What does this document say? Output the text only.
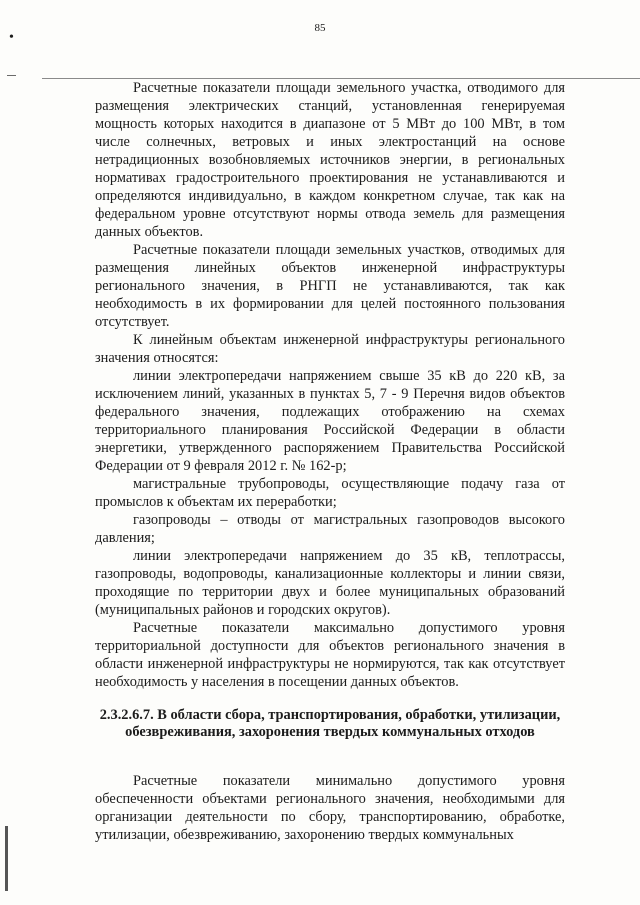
85
•

Расчетные показатели площади земельного участка, отводимого для размещения электрических станций, установленная генерируемая мощность которых находится в диапазоне от 5 МВт до 100 МВт, в том числе солнечных, ветровых и иных электростанций на основе нетрадиционных возобновляемых источников энергии, в региональных нормативах градостроительного проектирования не устанавливаются и определяются индивидуально, в каждом конкретном случае, так как на федеральном уровне отсутствуют нормы отвода земель для размещения данных объектов.

Расчетные показатели площади земельных участков, отводимых для размещения линейных объектов инженерной инфраструктуры регионального значения, в РНГП не устанавливаются, так как необходимость в их формировании для целей постоянного пользования отсутствует.

К линейным объектам инженерной инфраструктуры регионального значения относятся:

линии электропередачи напряжением свыше 35 кВ до 220 кВ, за исключением линий, указанных в пунктах 5, 7 - 9 Перечня видов объектов федерального значения, подлежащих отображению на схемах территориального планирования Российской Федерации в области энергетики, утвержденного распоряжением Правительства Российской Федерации от 9 февраля 2012 г. № 162-р;

магистральные трубопроводы, осуществляющие подачу газа от промыслов к объектам их переработки;

газопроводы – отводы от магистральных газопроводов высокого давления;

линии электропередачи напряжением до 35 кВ, теплотрассы, газопроводы, водопроводы, канализационные коллекторы и линии связи, проходящие по территории двух и более муниципальных образований (муниципальных районов и городских округов).

Расчетные показатели максимально допустимого уровня территориальной доступности для объектов регионального значения в области инженерной инфраструктуры не нормируются, так как отсутствует необходимость у населения в посещении данных объектов.

2.3.2.6.7. В области сбора, транспортирования, обработки, утилизации, обезвреживания, захоронения твердых коммунальных отходов

Расчетные показатели минимально допустимого уровня обеспеченности объектами регионального значения, необходимыми для организации деятельности по сбору, транспортированию, обработке, утилизации, обезвреживанию, захоронению твердых коммунальных
